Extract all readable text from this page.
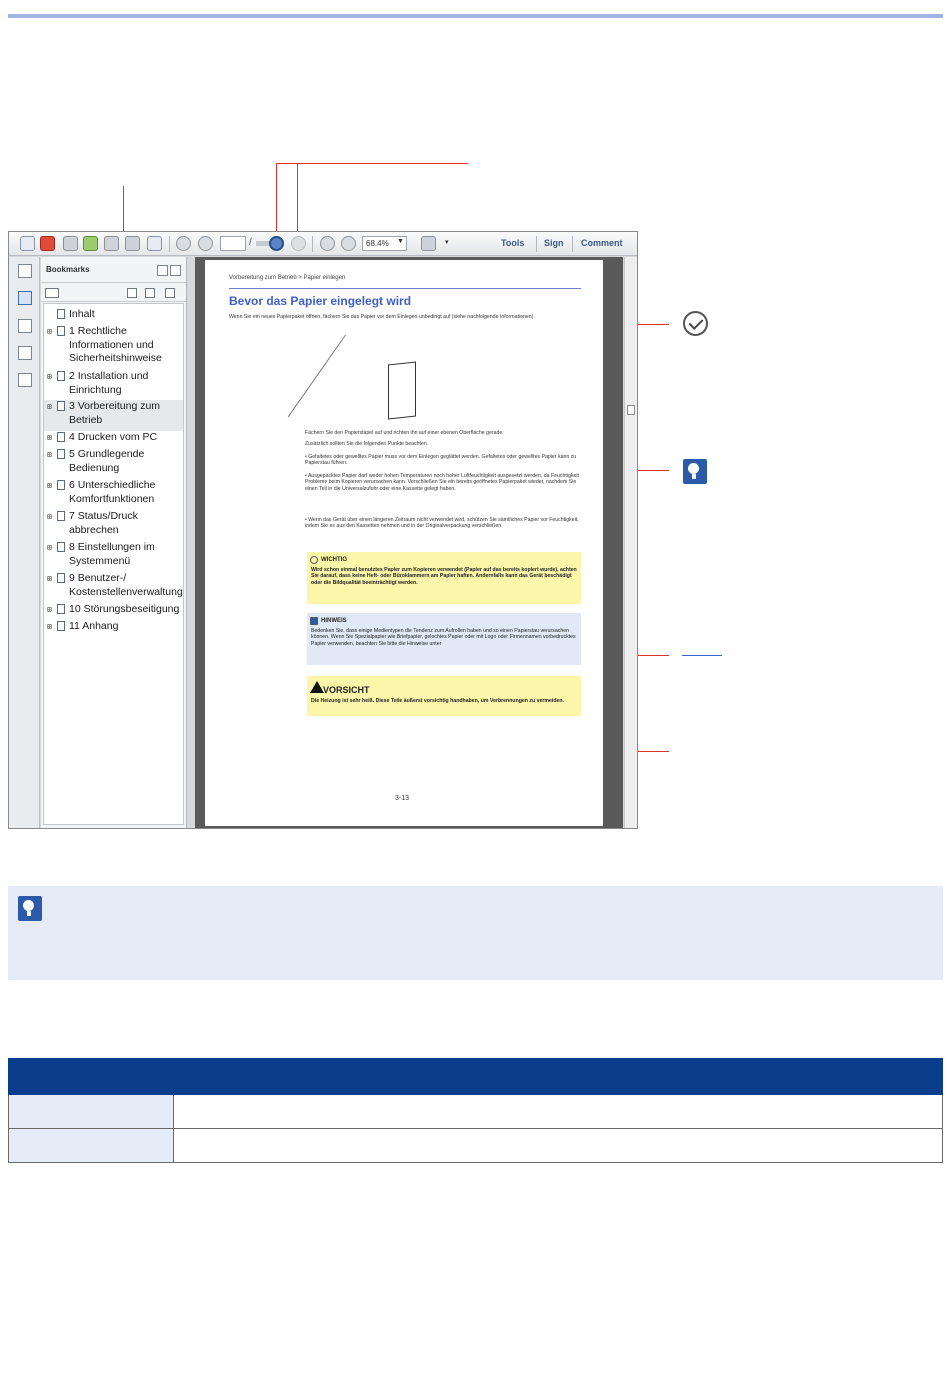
/	68.4%	▼	▾	Tools Sign Comment
Bookmarks
Inhalt
⊞ 1 Rechtliche Informationen und Sicherheitshinweise
⊞ 2 Installation und Einrichtung
⊞ 3 Vorbereitung zum Betrieb
⊞ 4 Drucken vom PC
⊞ 5 Grundlegende Bedienung
⊞ 6 Unterschiedliche Komfortfunktionen
⊞ 7 Status/Druck abbrechen
⊞ 8 Einstellungen im Systemmenü
⊞ 9 Benutzer-/ Kostenstellenverwaltung
⊞ 10 Störungsbeseitigung
⊞ 11 Anhang
Vorbereitung zum Betrieb > Papier einlegen
Bevor das Papier eingelegt wird
Wenn Sie ein neues Papierpaket öffnen, fächern Sie das Papier vor dem Einlegen unbedingt auf (siehe nachfolgende Informationen).
Fächern Sie den Papierstapel auf und richten ihn auf einer ebenen Oberfläche gerade.
Zusätzlich sollten Sie die folgenden Punkte beachten.
• Gefaltetes oder gewelltes Papier muss vor dem Einlegen geglättet werden. Gefaltetes oder gewelltes Papier kann zu Papierstau führen.
• Ausgepacktes Papier darf weder hohen Temperaturen noch hoher Luftfeuchtigkeit ausgesetzt werden, da Feuchtigkeit Probleme beim Kopieren verursachen kann. Verschließen Sie ein bereits geöffnetes Papierpaket wieder, nachdem Sie einen Teil in die Universalzufuhr oder eine Kassette gelegt haben.
• Wenn das Gerät über einen längeren Zeitraum nicht verwendet wird, schützen Sie sämtliches Papier vor Feuchtigkeit, indem Sie es aus den Kassetten nehmen und in der Originalverpackung verschließen.
WICHTIG
Wird schon einmal benutztes Papier zum Kopieren verwendet (Papier auf das bereits kopiert wurde), achten Sie darauf, dass keine Heft- oder Büroklammern am Papier haften. Andernfalls kann das Gerät beschädigt oder die Bildqualität beeinträchtigt werden.
HINWEIS
Bedenken Sie, dass einige Medientypen die Tendenz zum Aufrollen haben und so einen Papierstau verursachen können. Wenn Sie Spezialpapier wie Briefpapier, gelochtes Papier oder mit Logo oder Firmennamen vorbedrucktes Papier verwenden, beachten Sie bitte die Hinweise unter
VORSICHT
Die Heizung ist sehr heiß. Diese Teile äußerst vorsichtig handhaben, um Verbrennungen zu vermeiden.
3-13
